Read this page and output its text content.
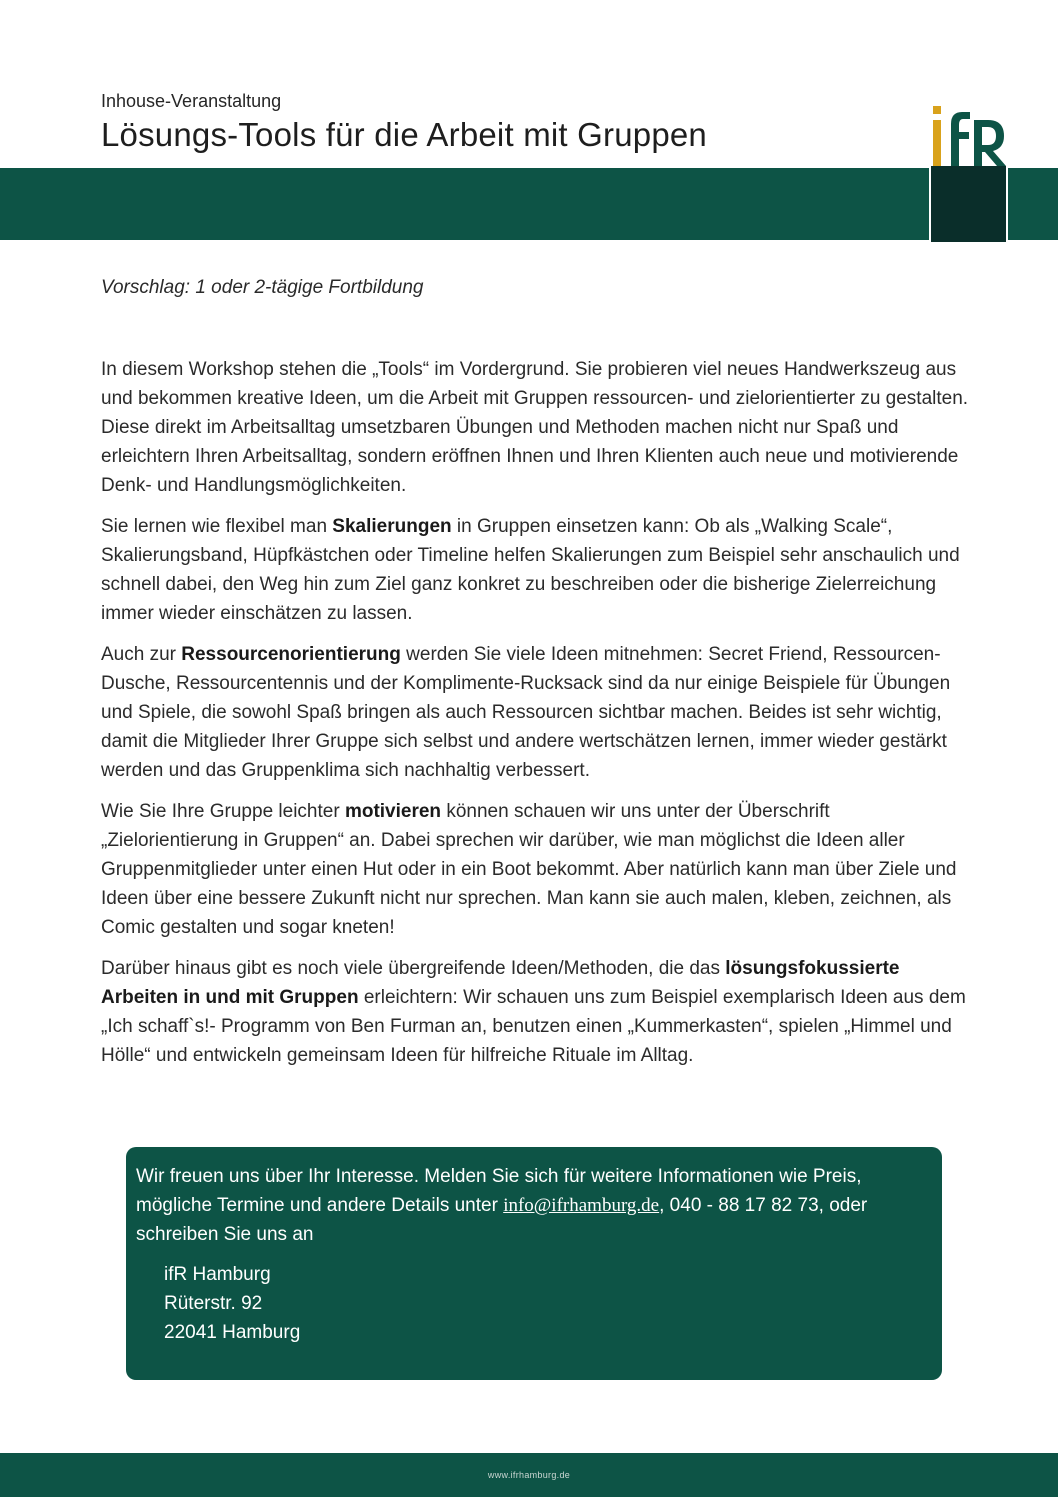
Inhouse-Veranstaltung
Lösungs-Tools für die Arbeit mit Gruppen

Vorschlag: 1 oder 2-tägige Fortbildung

In diesem Workshop stehen die „Tools“ im Vordergrund. Sie probieren viel neues Handwerkszeug aus und bekommen kreative Ideen, um die Arbeit mit Gruppen ressourcen- und zielorientierter zu gestalten. Diese direkt im Arbeitsalltag umsetzbaren Übungen und Methoden machen nicht nur Spaß und erleichtern Ihren Arbeitsalltag, sondern eröffnen Ihnen und Ihren Klienten auch neue und motivierende Denk- und Handlungsmöglichkeiten.

Sie lernen wie flexibel man Skalierungen in Gruppen einsetzen kann: Ob als „Walking Scale“, Skalierungsband, Hüpfkästchen oder Timeline helfen Skalierungen zum Beispiel sehr anschaulich und schnell dabei, den Weg hin zum Ziel ganz konkret zu beschreiben oder die bisherige Zielerreichung immer wieder einschätzen zu lassen.

Auch zur Ressourcenorientierung werden Sie viele Ideen mitnehmen: Secret Friend, Ressourcen-Dusche, Ressourcentennis und der Komplimente-Rucksack sind da nur einige Beispiele für Übungen und Spiele, die sowohl Spaß bringen als auch Ressourcen sichtbar machen. Beides ist sehr wichtig, damit die Mitglieder Ihrer Gruppe sich selbst und andere wertschätzen lernen, immer wieder gestärkt werden und das Gruppenklima sich nachhaltig verbessert.

Wie Sie Ihre Gruppe leichter motivieren können schauen wir uns unter der Überschrift „Zielorientierung in Gruppen“ an. Dabei sprechen wir darüber, wie man möglichst die Ideen aller Gruppenmitglieder unter einen Hut oder in ein Boot bekommt. Aber natürlich kann man über Ziele und Ideen über eine bessere Zukunft nicht nur sprechen. Man kann sie auch malen, kleben, zeichnen, als Comic gestalten und sogar kneten!

Darüber hinaus gibt es noch viele übergreifende Ideen/Methoden, die das lösungsfokussierte Arbeiten in und mit Gruppen erleichtern: Wir schauen uns zum Beispiel exemplarisch Ideen aus dem „Ich schaff`s!- Programm von Ben Furman an, benutzen einen „Kummerkasten“, spielen „Himmel und Hölle“ und entwickeln gemeinsam Ideen für hilfreiche Rituale im Alltag.

Wir freuen uns über Ihr Interesse. Melden Sie sich für weitere Informationen wie Preis, mögliche Termine und andere Details unter info@ifrhamburg.de, 040 - 88 17 82 73, oder schreiben Sie uns an

ifR Hamburg
Rüterstr. 92
22041 Hamburg
www.ifrhamburg.de
